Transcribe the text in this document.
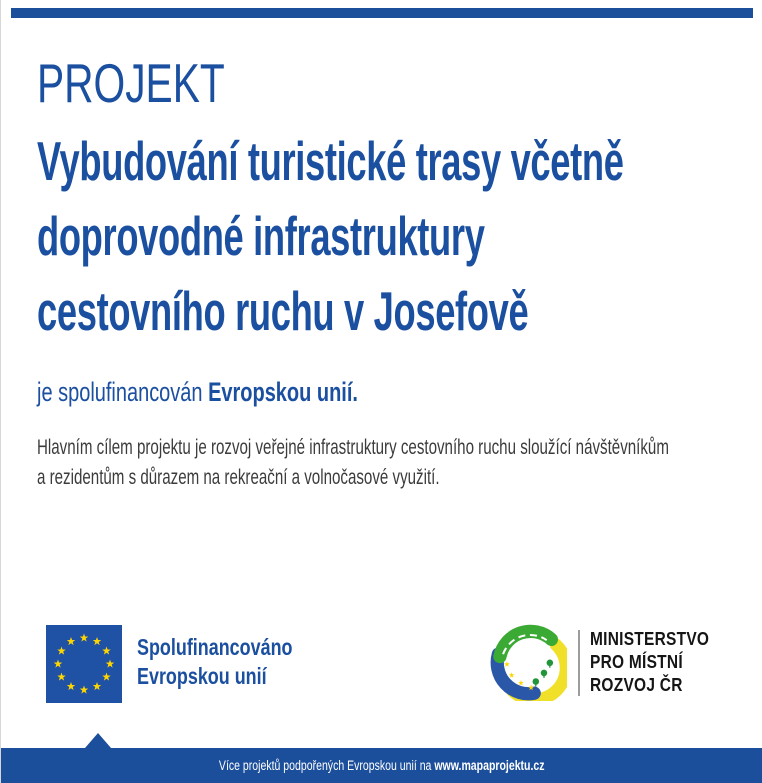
PROJEKT
Vybudování turistické trasy včetně
doprovodné infrastruktury
cestovního ruchu v Josefově
je spolufinancován Evropskou unií.
Hlavním cílem projektu je rozvoj veřejné infrastruktury cestovního ruchu sloužící návštěvníkům
a rezidentům s důrazem na rekreační a volnočasové využití.
Spolufinancováno
Evropskou unií
MINISTERSTVO
PRO MÍSTNÍ
ROZVOJ ČR
Více projektů podpořených Evropskou unií na www.mapaprojektu.cz
